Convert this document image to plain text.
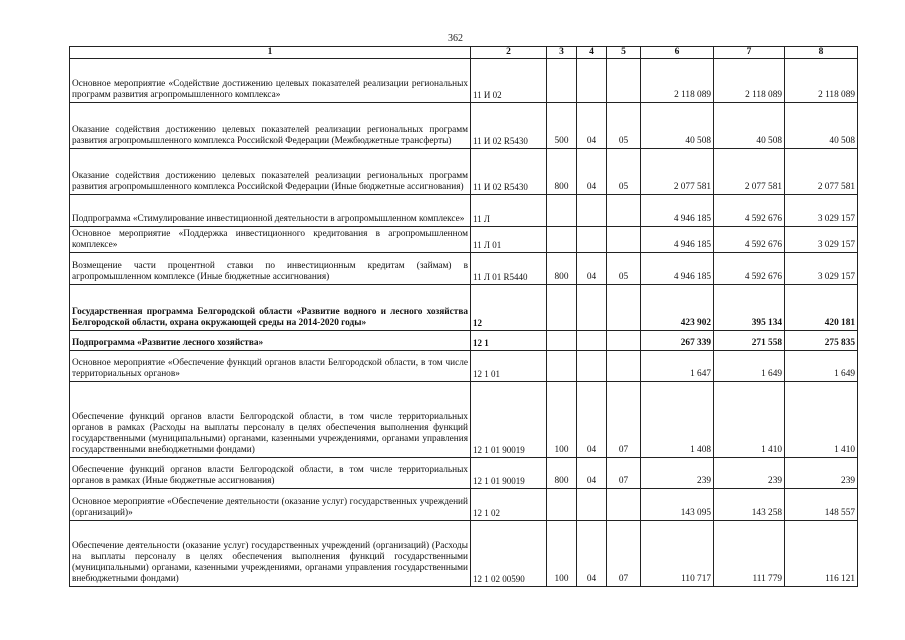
362
1	2	3	4	5	6	7	8
Основное мероприятие «Содействие достижению целевых показателей реализации региональных программ развития агропромышленного комплекса»	11 И 02				2 118 089	2 118 089	2 118 089
Оказание содействия достижению целевых показателей реализации региональных программ развития агропромышленного комплекса Российской Федерации (Межбюджетные трансферты)	11 И 02 R5430	500	04	05	40 508	40 508	40 508
Оказание содействия достижению целевых показателей реализации региональных программ развития агропромышленного комплекса Российской Федерации (Иные бюджетные ассигнования)	11 И 02 R5430	800	04	05	2 077 581	2 077 581	2 077 581
Подпрограмма «Стимулирование инвестиционной деятельности в агропромышленном комплексе»	11 Л				4 946 185	4 592 676	3 029 157
Основное мероприятие «Поддержка инвестиционного кредитования в агропромышленном комплексе»	11 Л 01				4 946 185	4 592 676	3 029 157
Возмещение части процентной ставки по инвестиционным кредитам (займам) в агропромышленном комплексе (Иные бюджетные ассигнования)	11 Л 01 R5440	800	04	05	4 946 185	4 592 676	3 029 157
Государственная программа Белгородской области «Развитие водного и лесного хозяйства Белгородской области, охрана окружающей среды на 2014-2020 годы»	12				423 902	395 134	420 181
Подпрограмма «Развитие лесного хозяйства»	12 1				267 339	271 558	275 835
Основное мероприятие «Обеспечение функций органов власти Белгородской области, в том числе территориальных органов»	12 1 01				1 647	1 649	1 649
Обеспечение функций органов власти Белгородской области, в том числе территориальных органов в рамках (Расходы на выплаты персоналу в целях обеспечения выполнения функций государственными (муниципальными) органами, казенными учреждениями, органами управления государственными внебюджетными фондами)	12 1 01 90019	100	04	07	1 408	1 410	1 410
Обеспечение функций органов власти Белгородской области, в том числе территориальных органов в рамках (Иные бюджетные ассигнования)	12 1 01 90019	800	04	07	239	239	239
Основное мероприятие «Обеспечение деятельности (оказание услуг) государственных учреждений (организаций)»	12 1 02				143 095	143 258	148 557
Обеспечение деятельности (оказание услуг) государственных учреждений (организаций) (Расходы на выплаты персоналу в целях обеспечения выполнения функций государственными (муниципальными) органами, казенными учреждениями, органами управления государственными внебюджетными фондами)	12 1 02 00590	100	04	07	110 717	111 779	116 121
